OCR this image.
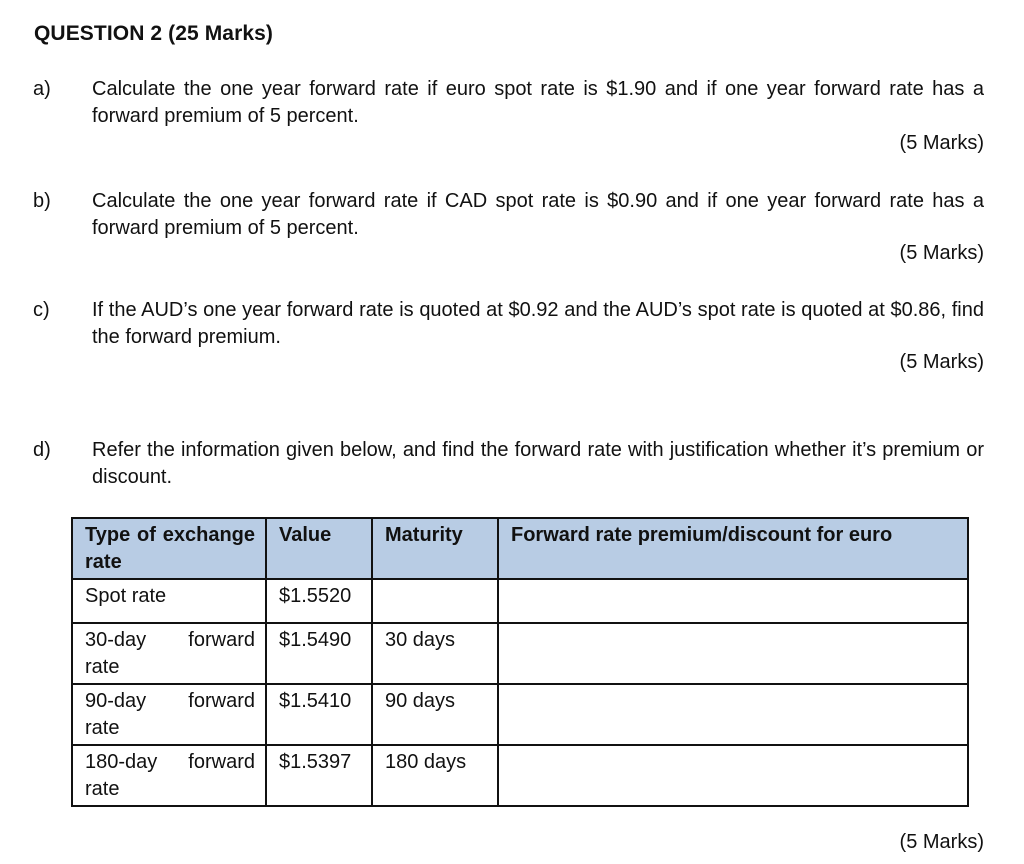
QUESTION 2 (25 Marks)
a) Calculate the one year forward rate if euro spot rate is $1.90 and if one year forward rate has a forward premium of 5 percent.
(5 Marks)
b) Calculate the one year forward rate if CAD spot rate is $0.90 and if one year forward rate has a forward premium of 5 percent.
(5 Marks)
c) If the AUD’s one year forward rate is quoted at $0.92 and the AUD’s spot rate is quoted at $0.86, find the forward premium.
(5 Marks)
d) Refer the information given below, and find the forward rate with justification whether it’s premium or discount.
Type of exchange rate	Value	Maturity	Forward rate premium/discount for euro
Spot rate	$1.5520		
30-day forward rate	$1.5490	30 days	
90-day forward rate	$1.5410	90 days	
180-day forward rate	$1.5397	180 days	
(5 Marks)
